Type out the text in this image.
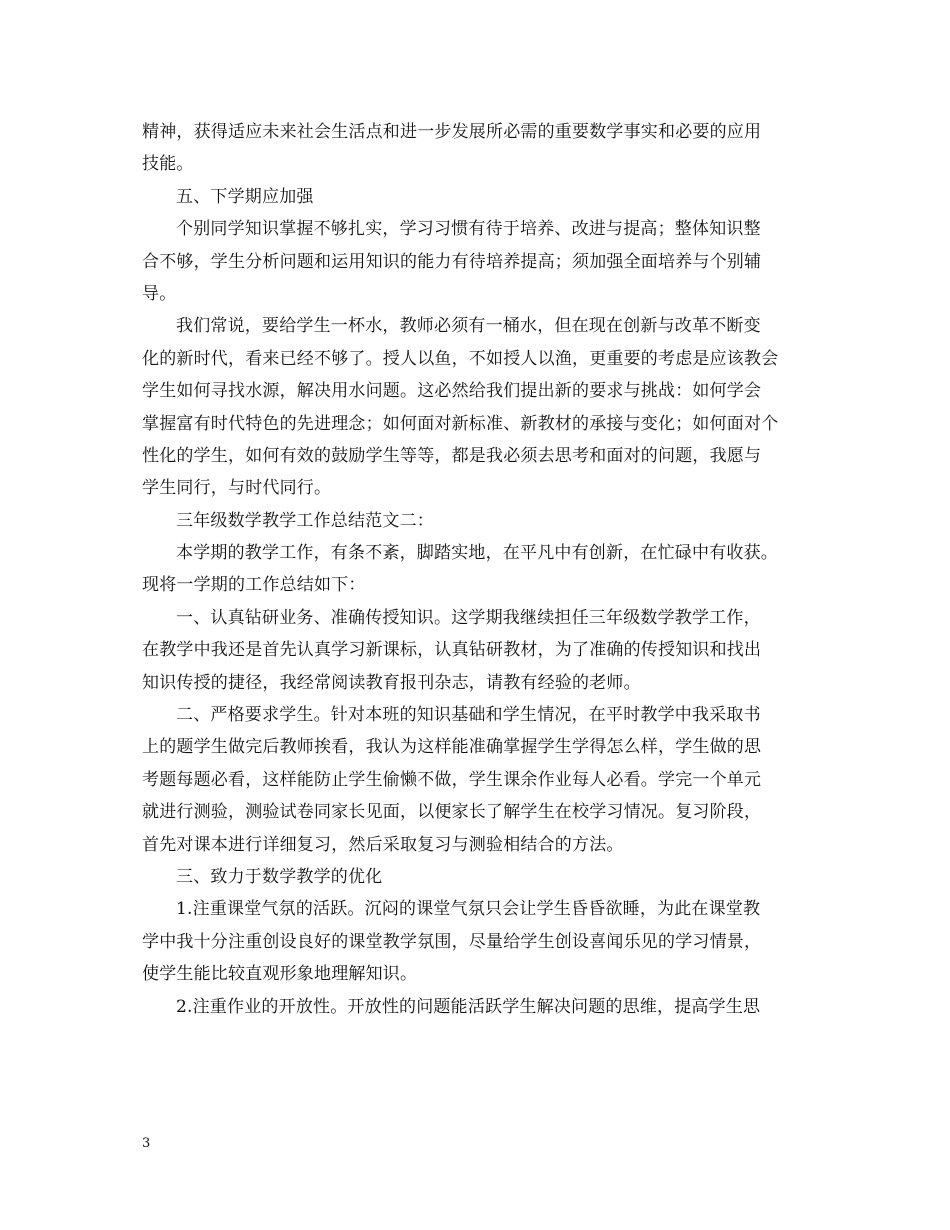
精神，获得适应未来社会生活点和进一步发展所必需的重要数学事实和必要的应用
技能。
五、下学期应加强
个别同学知识掌握不够扎实，学习习惯有待于培养、改进与提高；整体知识整
合不够，学生分析问题和运用知识的能力有待培养提高；须加强全面培养与个别辅
导。
我们常说，要给学生一杯水，教师必须有一桶水，但在现在创新与改革不断变
化的新时代，看来已经不够了。授人以鱼，不如授人以渔，更重要的考虑是应该教会
学生如何寻找水源，解决用水问题。这必然给我们提出新的要求与挑战：如何学会
掌握富有时代特色的先进理念；如何面对新标准、新教材的承接与变化；如何面对个
性化的学生，如何有效的鼓励学生等等，都是我必须去思考和面对的问题，我愿与
学生同行，与时代同行。
三年级数学教学工作总结范文二：
本学期的教学工作，有条不紊，脚踏实地，在平凡中有创新，在忙碌中有收获。
现将一学期的工作总结如下：
一、认真钻研业务、准确传授知识。这学期我继续担任三年级数学教学工作，
在教学中我还是首先认真学习新课标，认真钻研教材，为了准确的传授知识和找出
知识传授的捷径，我经常阅读教育报刊杂志，请教有经验的老师。
二、严格要求学生。针对本班的知识基础和学生情况，在平时教学中我采取书
上的题学生做完后教师挨看，我认为这样能准确掌握学生学得怎么样，学生做的思
考题每题必看，这样能防止学生偷懒不做，学生课余作业每人必看。学完一个单元
就进行测验，测验试卷同家长见面，以便家长了解学生在校学习情况。复习阶段，
首先对课本进行详细复习，然后采取复习与测验相结合的方法。
三、致力于数学教学的优化
1.注重课堂气氛的活跃。沉闷的课堂气氛只会让学生昏昏欲睡，为此在课堂教
学中我十分注重创设良好的课堂教学氛围，尽量给学生创设喜闻乐见的学习情景，
使学生能比较直观形象地理解知识。
2.注重作业的开放性。开放性的问题能活跃学生解决问题的思维，提高学生思
3
